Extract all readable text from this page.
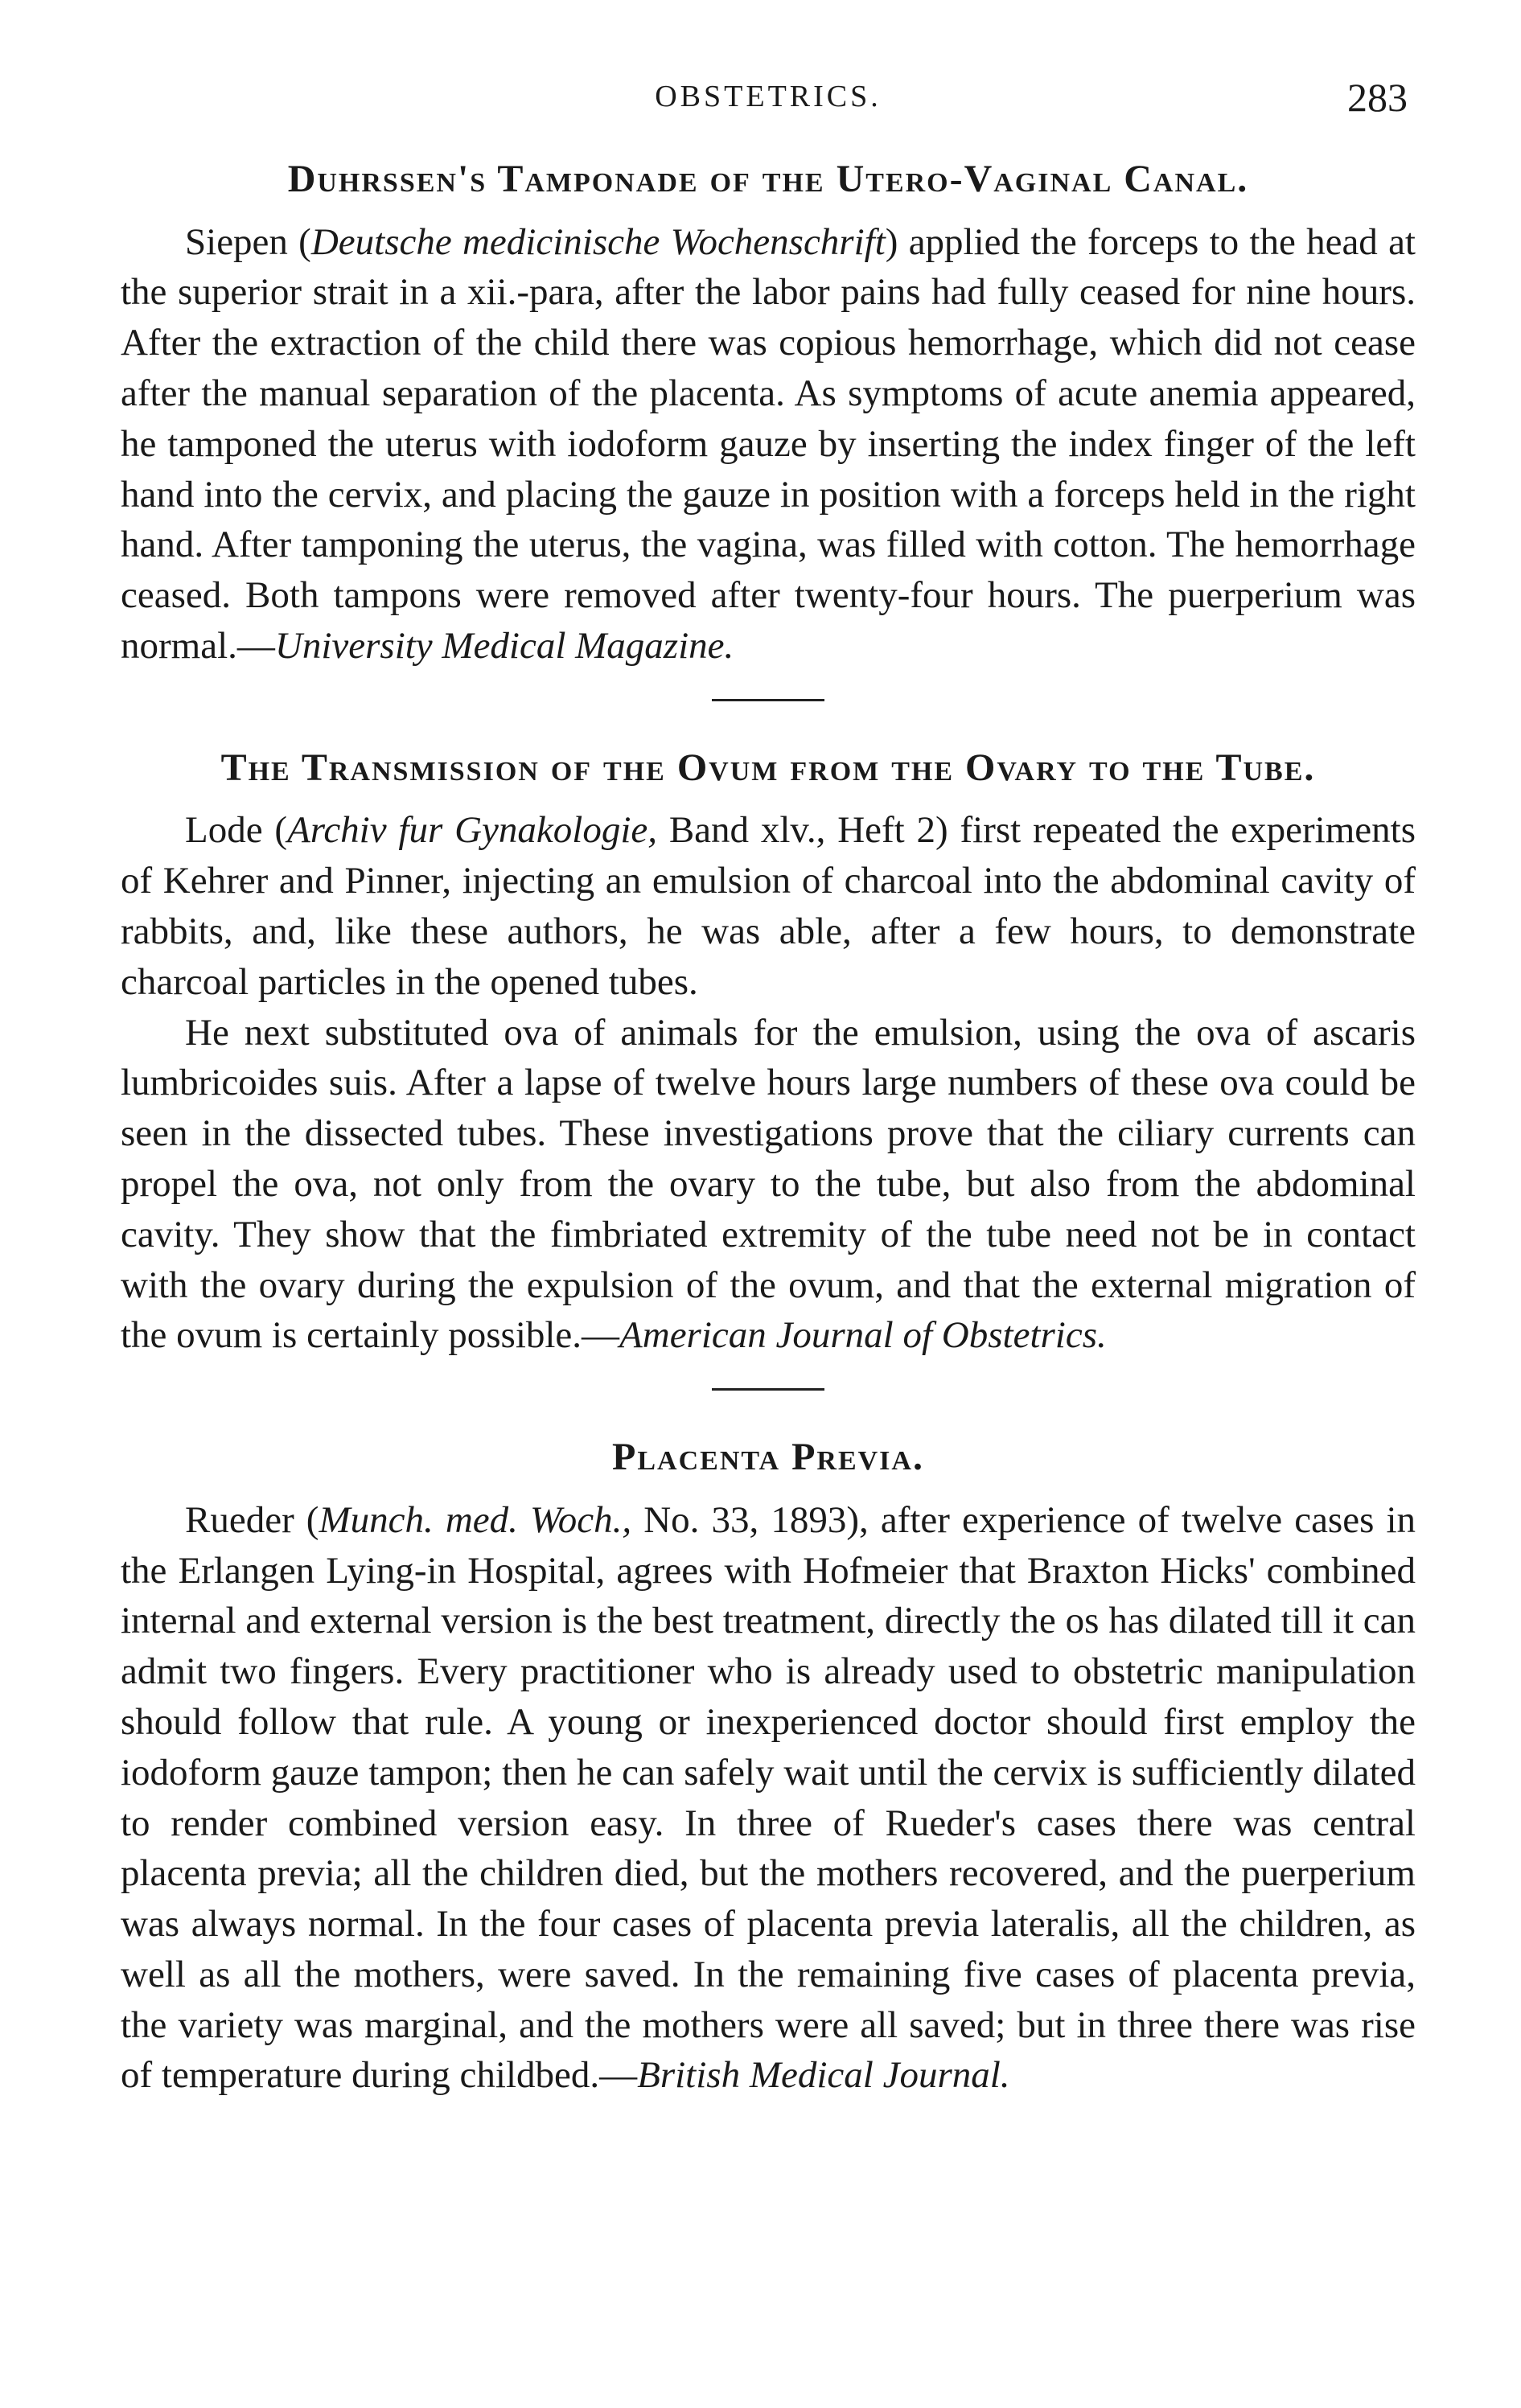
OBSTETRICS.	283
Duhrssen's Tamponade of the Utero-Vaginal Canal.

Siepen (Deutsche medicinische Wochenschrift) applied the forceps to the head at the superior strait in a xii.-para, after the labor pains had fully ceased for nine hours. After the extraction of the child there was copious hemorrhage, which did not cease after the manual separation of the placenta. As symptoms of acute anemia appeared, he tamponed the uterus with iodoform gauze by inserting the index finger of the left hand into the cervix, and placing the gauze in position with a forceps held in the right hand. After tamponing the uterus, the vagina, was filled with cotton. The hemorrhage ceased. Both tampons were removed after twenty-four hours. The puerperium was normal.—University Medical Magazine.

The Transmission of the Ovum from the Ovary to the Tube.

Lode (Archiv fur Gynakologie, Band xlv., Heft 2) first repeated the experiments of Kehrer and Pinner, injecting an emulsion of charcoal into the abdominal cavity of rabbits, and, like these authors, he was able, after a few hours, to demonstrate charcoal particles in the opened tubes.

He next substituted ova of animals for the emulsion, using the ova of ascaris lumbricoides suis. After a lapse of twelve hours large numbers of these ova could be seen in the dissected tubes. These investigations prove that the ciliary currents can propel the ova, not only from the ovary to the tube, but also from the abdominal cavity. They show that the fimbriated extremity of the tube need not be in contact with the ovary during the expulsion of the ovum, and that the external migration of the ovum is certainly possible.—American Journal of Obstetrics.

Placenta Previa.

Rueder (Munch. med. Woch., No. 33, 1893), after experience of twelve cases in the Erlangen Lying-in Hospital, agrees with Hofmeier that Braxton Hicks' combined internal and external version is the best treatment, directly the os has dilated till it can admit two fingers. Every practitioner who is already used to obstetric manipulation should follow that rule. A young or inexperienced doctor should first employ the iodoform gauze tampon; then he can safely wait until the cervix is sufficiently dilated to render combined version easy. In three of Rueder's cases there was central placenta previa; all the children died, but the mothers recovered, and the puerperium was always normal. In the four cases of placenta previa lateralis, all the children, as well as all the mothers, were saved. In the remaining five cases of placenta previa, the variety was marginal, and the mothers were all saved; but in three there was rise of temperature during childbed.—British Medical Journal.
